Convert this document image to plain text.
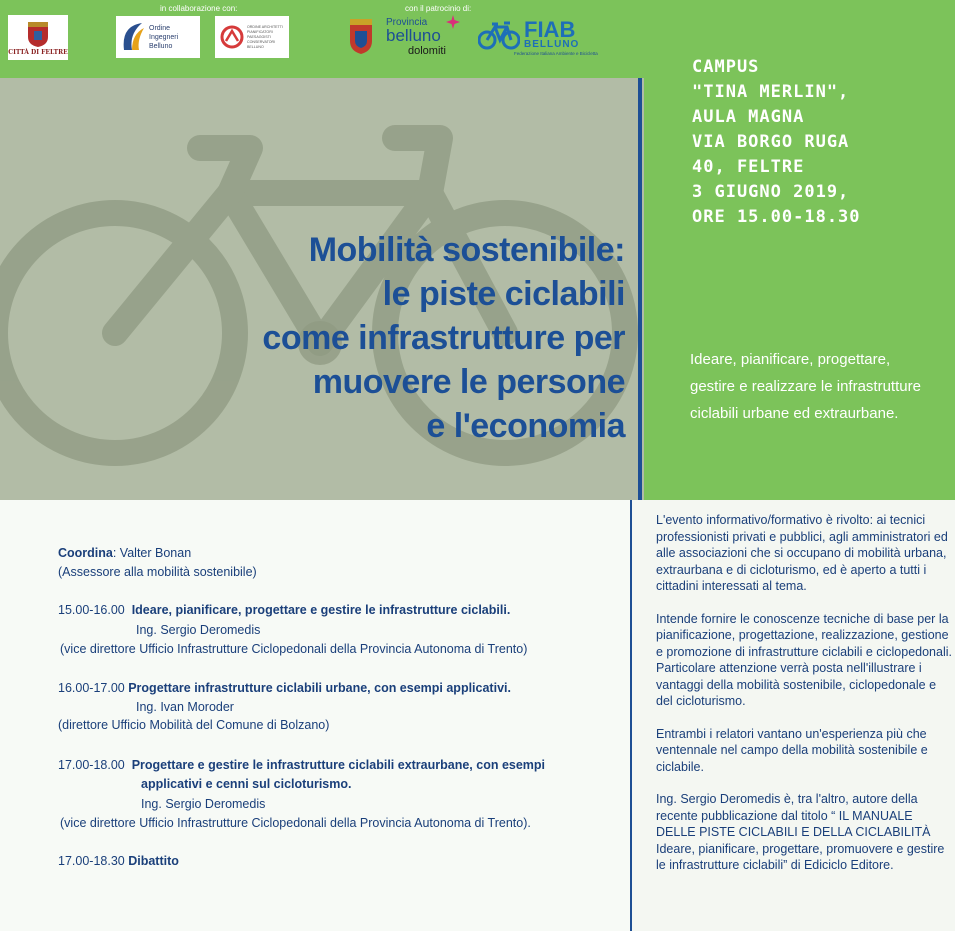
CITTÀ DI FELTRE
in collaborazione con:
Ordine Ingegneri Belluno
ORDINE ARCHITETTI PIANIFICATORI PAESAGGISTI CONSERVATORI BELLUNO
con il patrocinio di:
Provincia
belluno
dolomiti
FIAB
BELLUNO
Federazione Italiana Ambiente e Bicicletta
CAMPUS
"TINA MERLIN",
AULA MAGNA
VIA BORGO RUGA
40, FELTRE
3 GIUGNO 2019,
ORE 15.00-18.30
Ideare, pianificare, progettare, gestire e realizzare le infrastrutture ciclabili urbane ed extraurbane.
Mobilità sostenibile:
le piste ciclabili
come infrastrutture per
muovere le persone
e l'economia
Coordina: Valter Bonan
(Assessore alla mobilità sostenibile)
15.00-16.00 Ideare, pianificare, progettare e gestire le infrastrutture ciclabili.
Ing. Sergio Deromedis
(vice direttore Ufficio Infrastrutture Ciclopedonali della Provincia Autonoma di Trento)
16.00-17.00 Progettare infrastrutture ciclabili urbane, con esempi applicativi.
Ing. Ivan Moroder
(direttore Ufficio Mobilità del Comune di Bolzano)
17.00-18.00 Progettare e gestire le infrastrutture ciclabili extraurbane, con esempi
applicativi e cenni sul cicloturismo.
Ing. Sergio Deromedis
(vice direttore Ufficio Infrastrutture Ciclopedonali della Provincia Autonoma di Trento).
17.00-18.30 Dibattito

L'evento informativo/formativo è rivolto: ai tecnici professionisti privati e pubblici, agli amministratori ed alle associazioni che si occupano di mobilità urbana, extraurbana e di cicloturismo, ed è aperto a tutti i cittadini interessati al tema.

Intende fornire le conoscenze tecniche di base per la pianificazione, progettazione, realizzazione, gestione e promozione di infrastrutture ciclabili e ciclopedonali. Particolare attenzione verrà posta nell'illustrare i vantaggi della mobilità sostenibile, ciclopedonale e del cicloturismo.

Entrambi i relatori vantano un'esperienza più che ventennale nel campo della mobilità sostenibile e ciclabile.

Ing. Sergio Deromedis è, tra l'altro, autore della recente pubblicazione dal titolo “ IL MANUALE DELLE PISTE CICLABILI E DELLA CICLABILITÀ Ideare, pianificare, progettare, promuovere e gestire le infrastrutture ciclabili” di Ediciclo Editore.
